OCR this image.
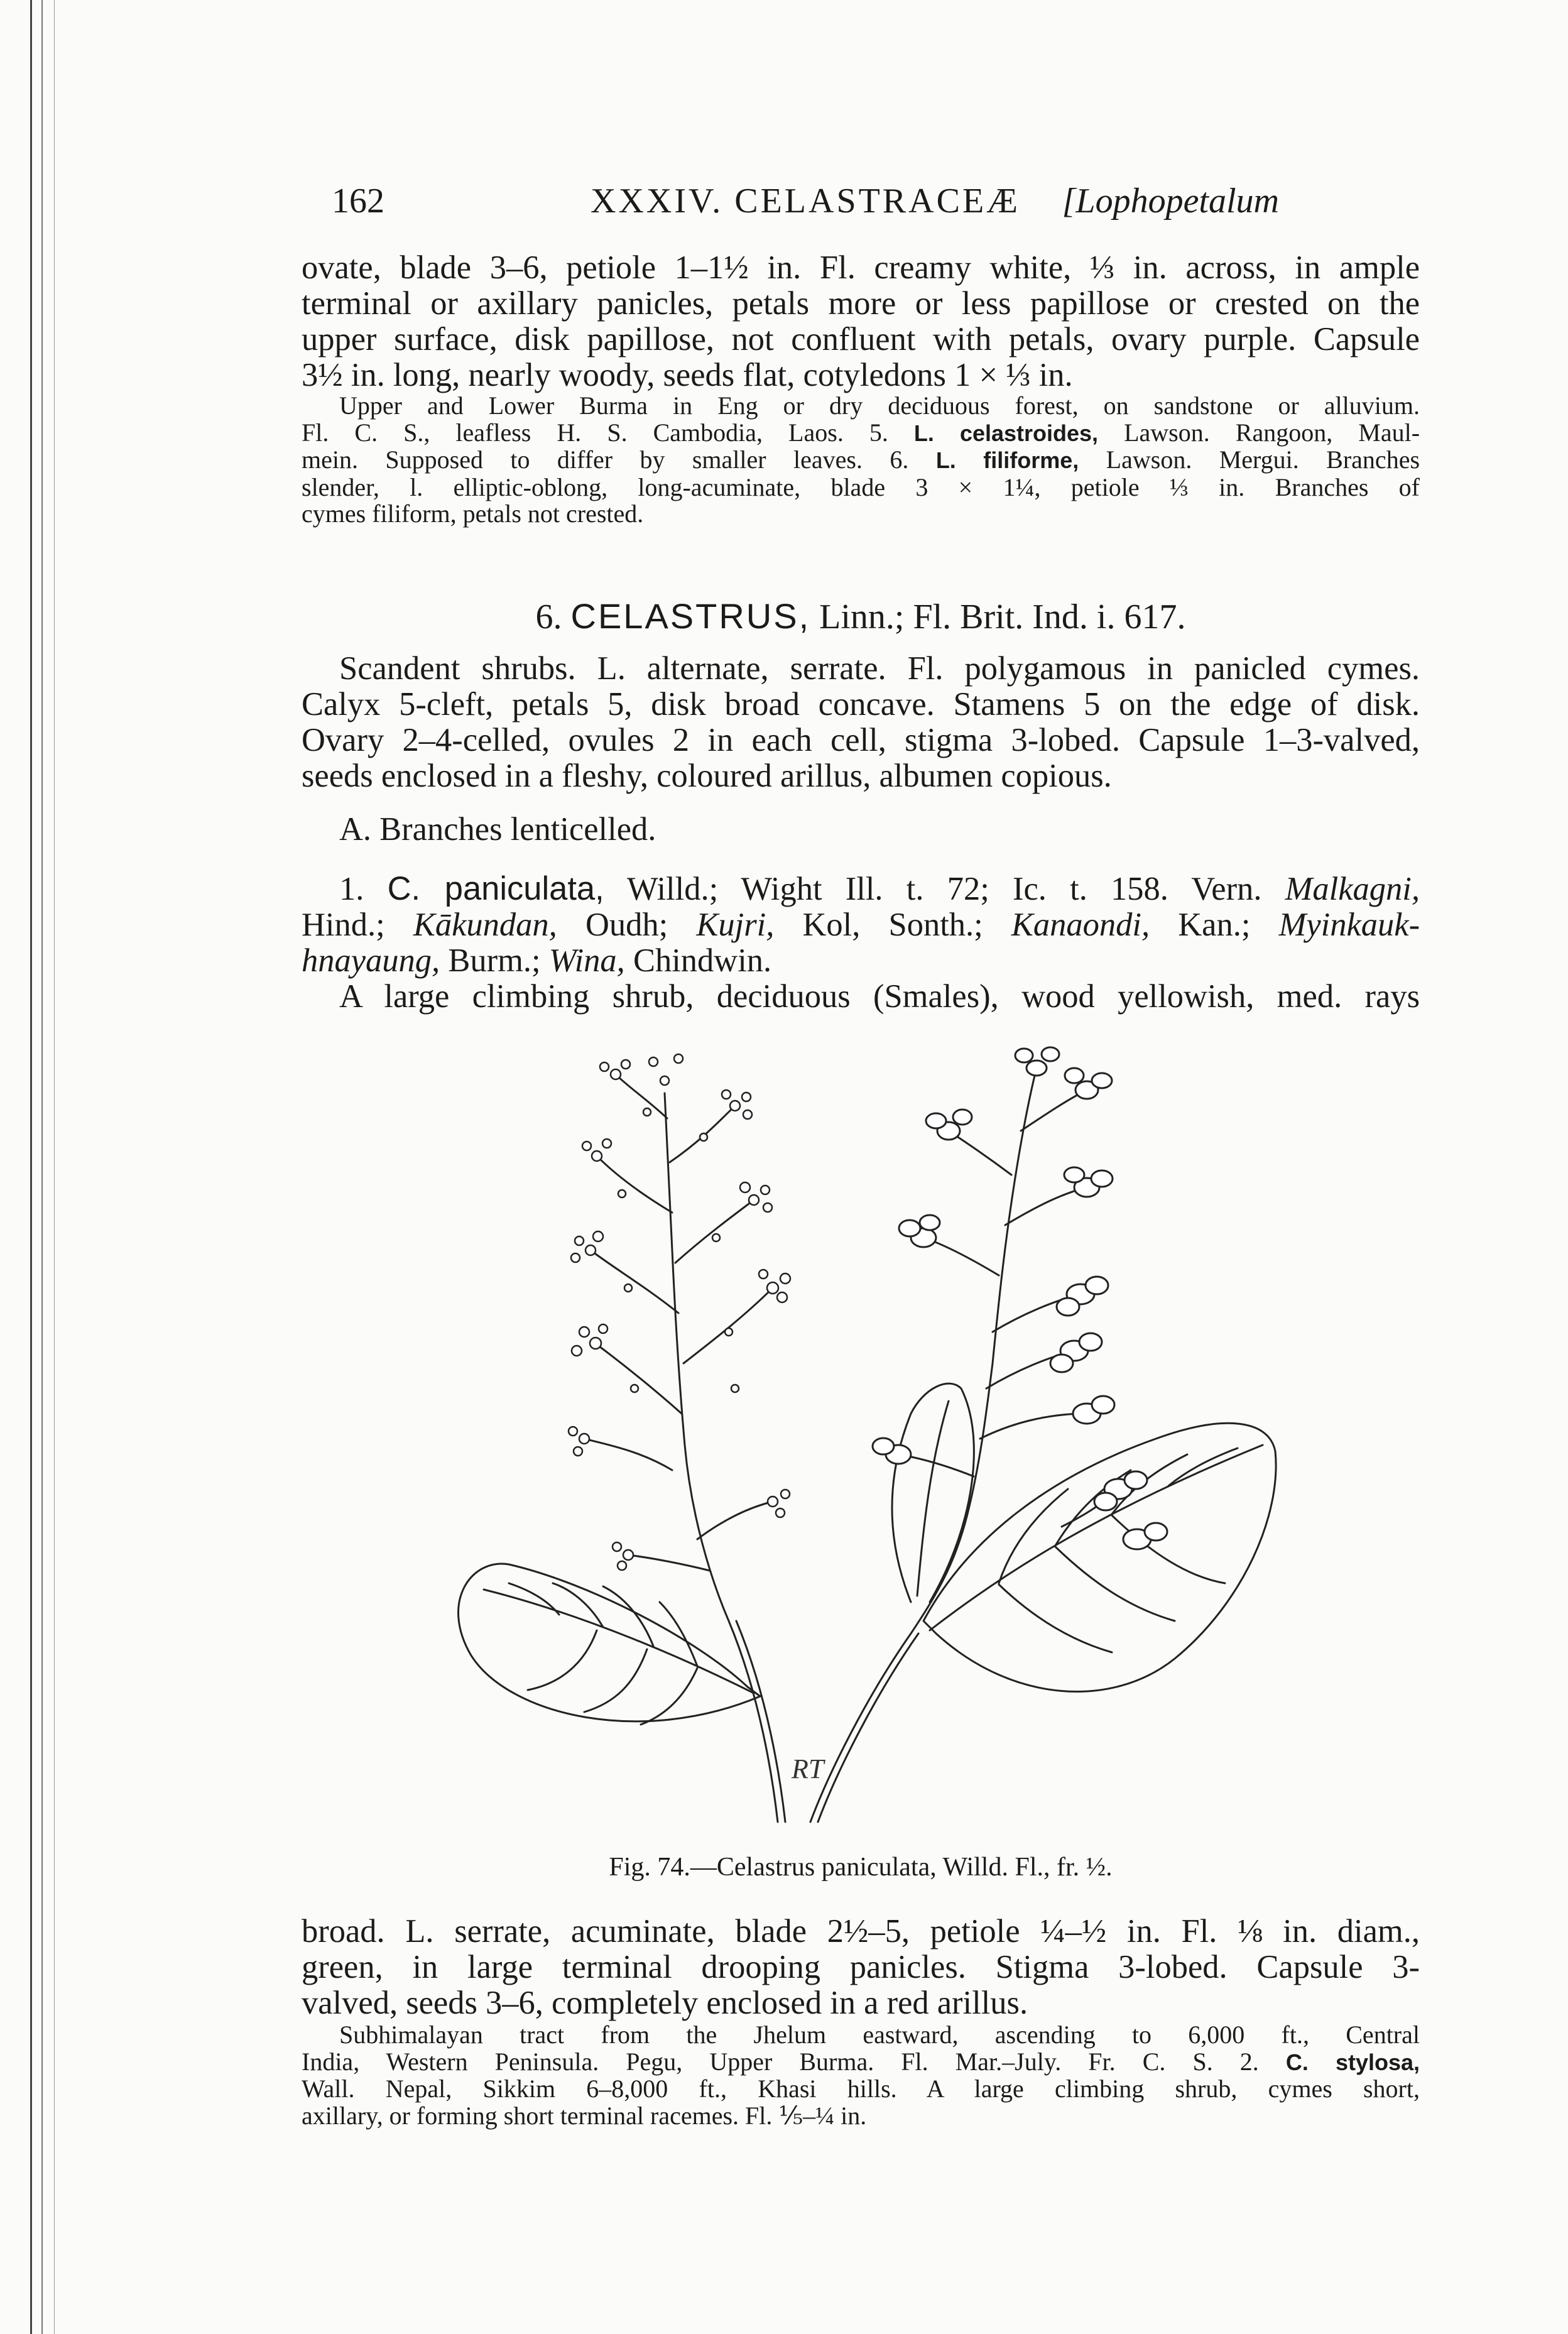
162	XXXIV. CELASTRACEÆ	[Lophopetalum
ovate, blade 3–6, petiole 1–1½ in. Fl. creamy white, ⅓ in. across, in ample
terminal or axillary panicles, petals more or less papillose or crested on the
upper surface, disk papillose, not confluent with petals, ovary purple. Capsule
3½ in. long, nearly woody, seeds flat, cotyledons 1 × ⅓ in.
Upper and Lower Burma in Eng or dry deciduous forest, on sandstone or alluvium.
Fl. C. S., leafless H. S. Cambodia, Laos. 5. L. celastroides, Lawson. Rangoon, Maul-
mein. Supposed to differ by smaller leaves. 6. L. filiforme, Lawson. Mergui. Branches
slender, l. elliptic-oblong, long-acuminate, blade 3 × 1¼, petiole ⅓ in. Branches of
cymes filiform, petals not crested.
6. CELASTRUS, Linn.; Fl. Brit. Ind. i. 617.
Scandent shrubs. L. alternate, serrate. Fl. polygamous in panicled cymes.
Calyx 5-cleft, petals 5, disk broad concave. Stamens 5 on the edge of disk.
Ovary 2–4-celled, ovules 2 in each cell, stigma 3-lobed. Capsule 1–3-valved,
seeds enclosed in a fleshy, coloured arillus, albumen copious.
A. Branches lenticelled.
1. C. paniculata, Willd.; Wight Ill. t. 72; Ic. t. 158. Vern. Malkagni,
Hind.; Kākundan, Oudh; Kujri, Kol, Sonth.; Kanaondi, Kan.; Myinkauk-
hnayaung, Burm.; Wina, Chindwin.
A large climbing shrub, deciduous (Smales), wood yellowish, med. rays
RT
Fig. 74.—Celastrus paniculata, Willd. Fl., fr. ½.
broad. L. serrate, acuminate, blade 2½–5, petiole ¼–½ in. Fl. ⅛ in. diam.,
green, in large terminal drooping panicles. Stigma 3-lobed. Capsule 3-
valved, seeds 3–6, completely enclosed in a red arillus.
Subhimalayan tract from the Jhelum eastward, ascending to 6,000 ft., Central
India, Western Peninsula. Pegu, Upper Burma. Fl. Mar.–July. Fr. C. S. 2. C. stylosa,
Wall. Nepal, Sikkim 6–8,000 ft., Khasi hills. A large climbing shrub, cymes short,
axillary, or forming short terminal racemes. Fl. ⅕–¼ in.
